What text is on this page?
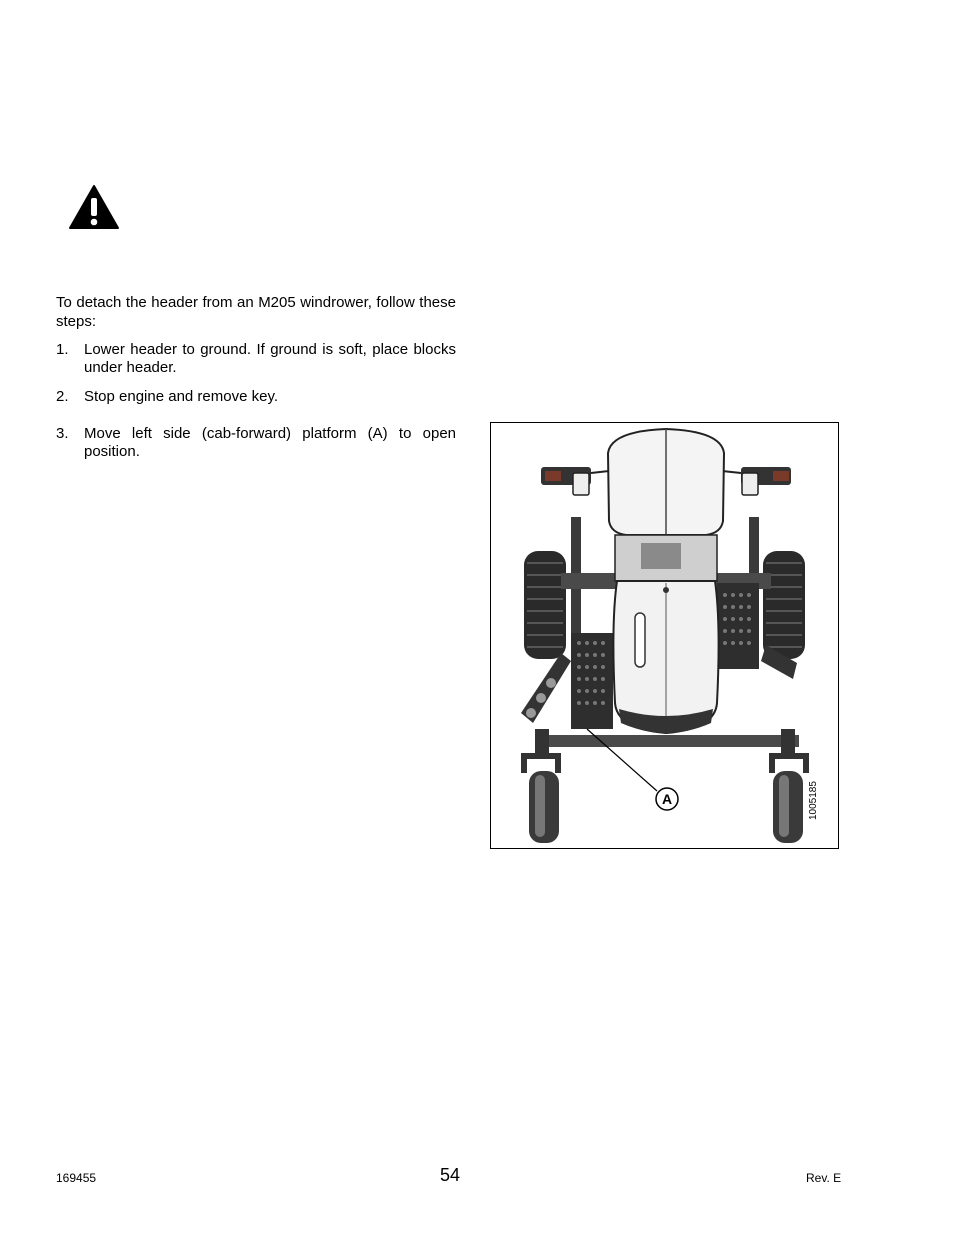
To detach the header from an M205 windrower, follow these steps:
1. Lower header to ground. If ground is soft, place blocks under header.
2. Stop engine and remove key.
3. Move left side (cab-forward) platform (A) to open position.
A	1005185
169455	54	Rev. E
